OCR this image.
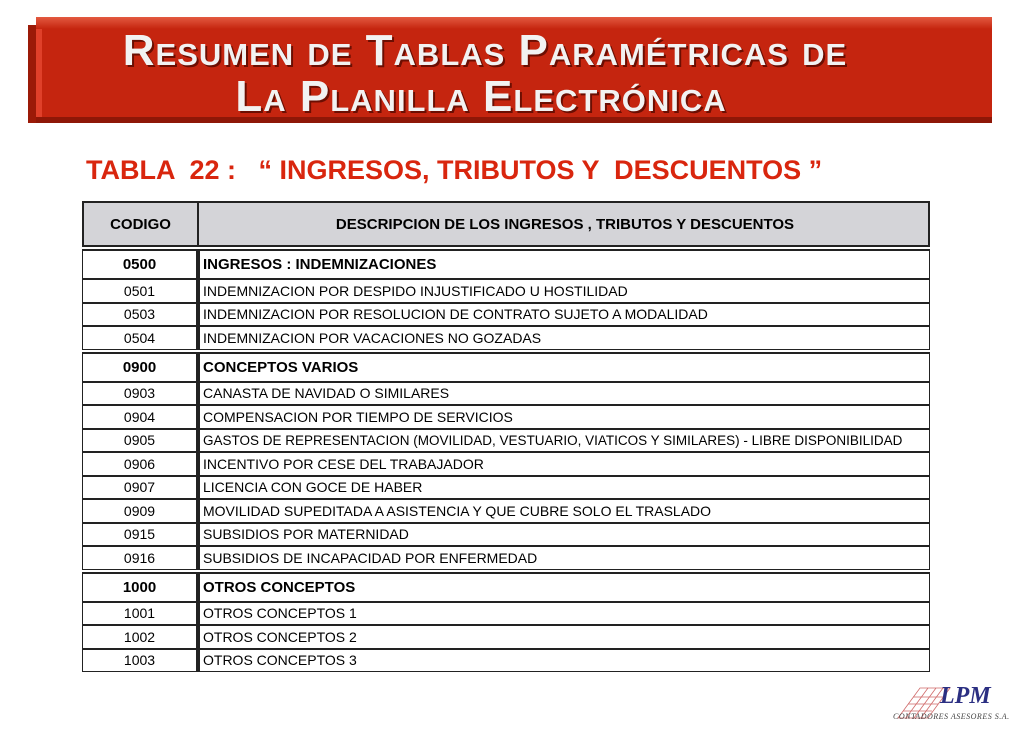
Resumen de Tablas Paramétricas de
La Planilla Electrónica
TABLA  22 :   “ INGRESOS, TRIBUTOS Y  DESCUENTOS ”
CODIGO	DESCRIPCION DE LOS INGRESOS , TRIBUTOS Y DESCUENTOS
0500	INGRESOS : INDEMNIZACIONES
0501	INDEMNIZACION POR DESPIDO INJUSTIFICADO U HOSTILIDAD
0503	INDEMNIZACION POR RESOLUCION DE CONTRATO SUJETO A MODALIDAD
0504	INDEMNIZACION POR VACACIONES NO GOZADAS
0900	CONCEPTOS VARIOS
0903	CANASTA DE NAVIDAD O SIMILARES
0904	COMPENSACION POR TIEMPO DE SERVICIOS
0905	GASTOS DE REPRESENTACION (MOVILIDAD, VESTUARIO, VIATICOS Y SIMILARES) - LIBRE DISPONIBILIDAD
0906	INCENTIVO POR CESE DEL TRABAJADOR
0907	LICENCIA CON GOCE DE HABER
0909	MOVILIDAD SUPEDITADA A ASISTENCIA Y QUE CUBRE SOLO EL TRASLADO
0915	SUBSIDIOS POR MATERNIDAD
0916	SUBSIDIOS DE INCAPACIDAD POR ENFERMEDAD
1000	OTROS CONCEPTOS
1001	OTROS CONCEPTOS 1
1002	OTROS CONCEPTOS 2
1003	OTROS CONCEPTOS 3
LPM
CONTADORES ASESORES S.A.
